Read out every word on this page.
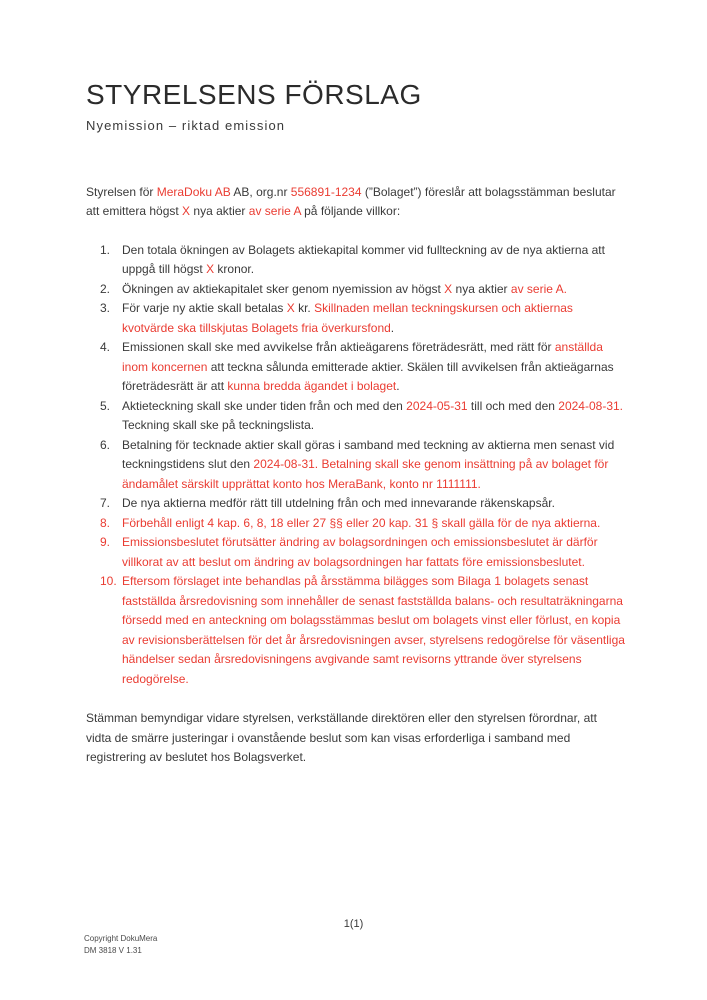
STYRELSENS FÖRSLAG

Nyemission – riktad emission

Styrelsen för MeraDoku AB AB, org.nr 556891-1234 (”Bolaget”) föreslår att bolagsstämman beslutar att emittera högst X nya aktier av serie A på följande villkor:

1. Den totala ökningen av Bolagets aktiekapital kommer vid fullteckning av de nya aktierna att uppgå till högst X kronor.
2. Ökningen av aktiekapitalet sker genom nyemission av högst X nya aktier av serie A.
3. För varje ny aktie skall betalas X kr. Skillnaden mellan teckningskursen och aktiernas kvotvärde ska tillskjutas Bolagets fria överkursfond.
4. Emissionen skall ske med avvikelse från aktieägarens företrädesrätt, med rätt för anställda inom koncernen att teckna sålunda emitterade aktier. Skälen till avvikelsen från aktieägarnas företrädesrätt är att kunna bredda ägandet i bolaget.
5. Aktieteckning skall ske under tiden från och med den 2024-05-31 till och med den 2024-08-31. Teckning skall ske på teckningslista.
6. Betalning för tecknade aktier skall göras i samband med teckning av aktierna men senast vid teckningstidens slut den 2024-08-31. Betalning skall ske genom insättning på av bolaget för ändamålet särskilt upprättat konto hos MeraBank, konto nr 1111111.
7. De nya aktierna medför rätt till utdelning från och med innevarande räkenskapsår.
8. Förbehåll enligt 4 kap. 6, 8, 18 eller 27 §§ eller 20 kap. 31 § skall gälla för de nya aktierna.
9. Emissionsbeslutet förutsätter ändring av bolagsordningen och emissionsbeslutet är därför villkorat av att beslut om ändring av bolagsordningen har fattats före emissionsbeslutet.
10. Eftersom förslaget inte behandlas på årsstämma bilägges som Bilaga 1 bolagets senast fastställda årsredovisning som innehåller de senast fastställda balans- och resultaträkningarna försedd med en anteckning om bolagsstämmas beslut om bolagets vinst eller förlust, en kopia av revisionsberättelsen för det år årsredovisningen avser, styrelsens redogörelse för väsentliga händelser sedan årsredovisningens avgivande samt revisorns yttrande över styrelsens redogörelse.

Stämman bemyndigar vidare styrelsen, verkställande direktören eller den styrelsen förordnar, att vidta de smärre justeringar i ovanstående beslut som kan visas erforderliga i samband med registrering av beslutet hos Bolagsverket.

1(1)
Copyright DokuMera
DM 3818 V 1.31
